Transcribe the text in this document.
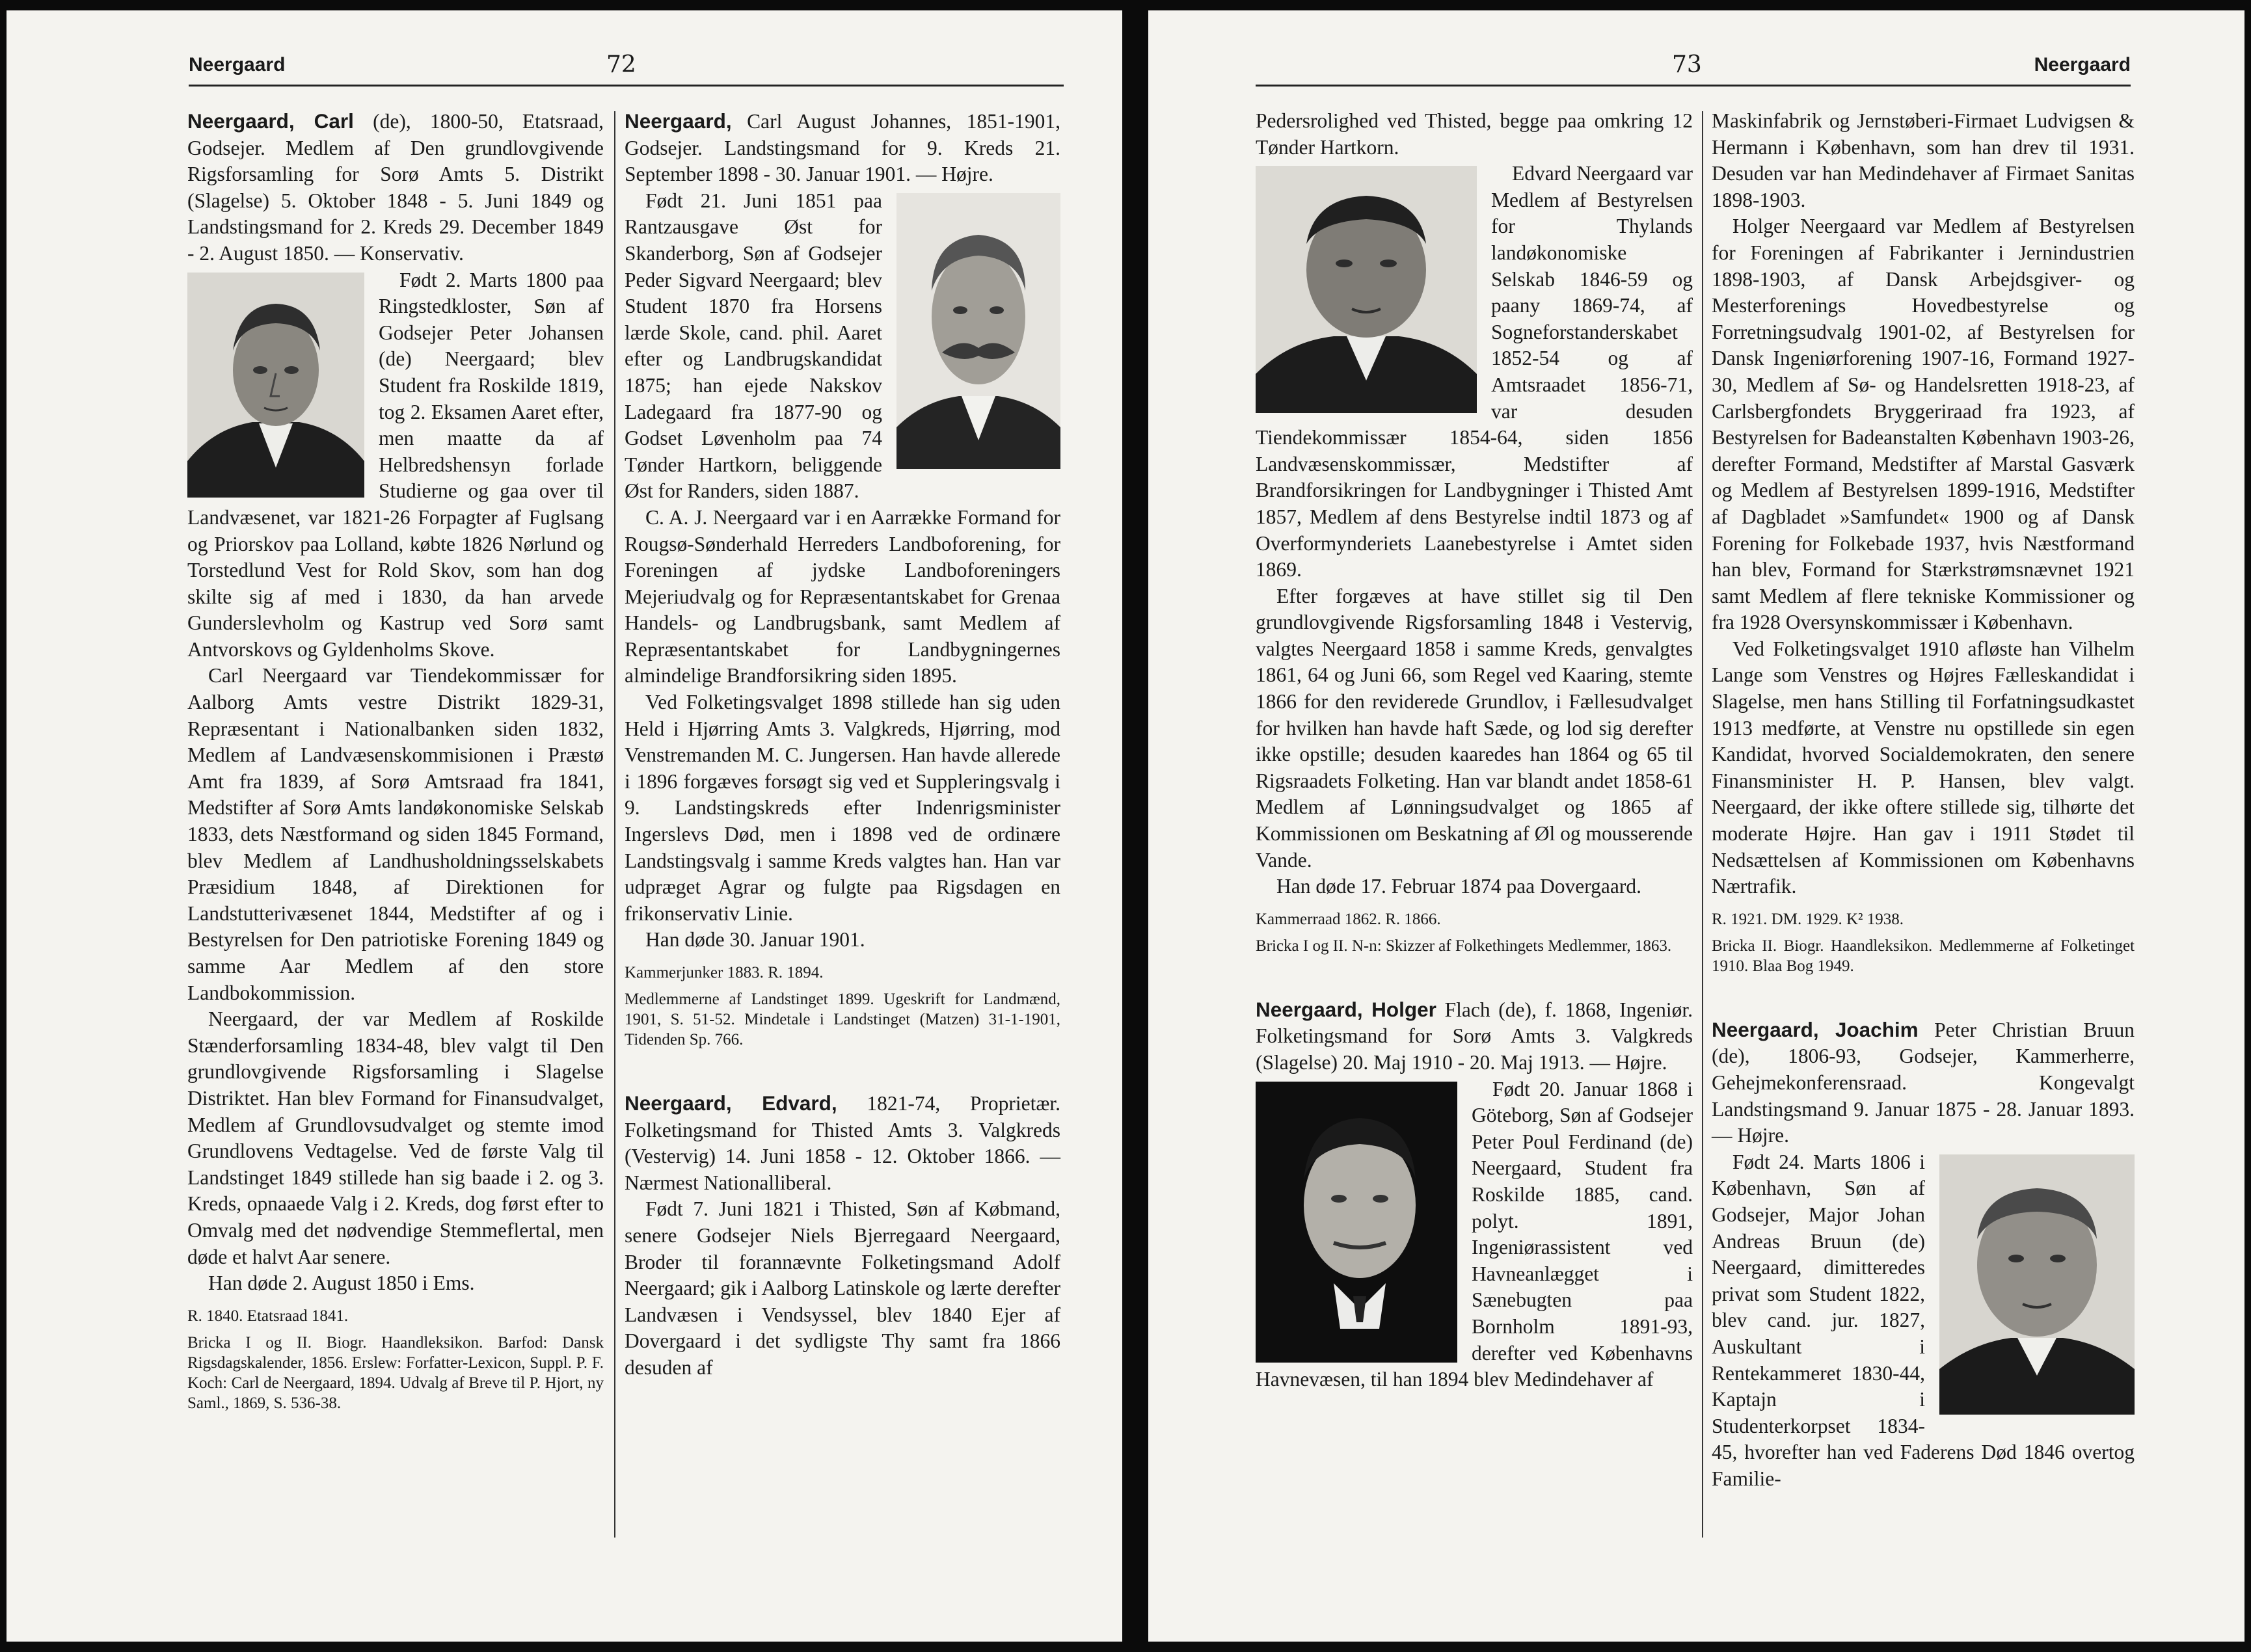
Neergaard	72

Neergaard, Carl (de), 1800-50, Etatsraad, Godsejer. Medlem af Den grundlovgivende Rigsforsamling for Sorø Amts 5. Distrikt (Slagelse) 5. Oktober 1848 - 5. Juni 1849 og Landstingsmand for 2. Kreds 29. December 1849 - 2. August 1850. — Konservativ.

Født 2. Marts 1800 paa Ringstedkloster, Søn af Godsejer Peter Johansen (de) Neergaard; blev Student fra Roskilde 1819, tog 2. Eksamen Aaret efter, men maatte da af Helbredshensyn forlade Studierne og gaa over til Landvæsenet, var 1821-26 Forpagter af Fuglsang og Priorskov paa Lolland, købte 1826 Nørlund og Torstedlund Vest for Rold Skov, som han dog skilte sig af med i 1830, da han arvede Gunderslevholm og Kastrup ved Sorø samt Antvorskovs og Gyldenholms Skove.

Carl Neergaard var Tiendekommissær for Aalborg Amts vestre Distrikt 1829-31, Repræsentant i Nationalbanken siden 1832, Medlem af Landvæsenskommisionen i Præstø Amt fra 1839, af Sorø Amtsraad fra 1841, Medstifter af Sorø Amts landøkonomiske Selskab 1833, dets Næstformand og siden 1845 Formand, blev Medlem af Landhusholdningsselskabets Præsidium 1848, af Direktionen for Landstutterivæsenet 1844, Medstifter af og i Bestyrelsen for Den patriotiske Forening 1849 og samme Aar Medlem af den store Landbokommission.

Neergaard, der var Medlem af Roskilde Stænderforsamling 1834-48, blev valgt til Den grundlovgivende Rigsforsamling i Slagelse Distriktet. Han blev Formand for Finansudvalget, Medlem af Grundlovsudvalget og stemte imod Grundlovens Vedtagelse. Ved de første Valg til Landstinget 1849 stillede han sig baade i 2. og 3. Kreds, opnaaede Valg i 2. Kreds, dog først efter to Omvalg med det nødvendige Stemmeflertal, men døde et halvt Aar senere.

Han døde 2. August 1850 i Ems.

R. 1840. Etatsraad 1841.

Bricka I og II. Biogr. Haandleksikon. Barfod: Dansk Rigsdagskalender, 1856. Erslew: Forfatter-Lexicon, Suppl. P. F. Koch: Carl de Neergaard, 1894. Udvalg af Breve til P. Hjort, ny Saml., 1869, S. 536-38.

Neergaard, Carl August Johannes, 1851-1901, Godsejer. Landstingsmand for 9. Kreds 21. September 1898 - 30. Januar 1901. — Højre.

Født 21. Juni 1851 paa Rantzausgave Øst for Skanderborg, Søn af Godsejer Peder Sigvard Neergaard; blev Student 1870 fra Horsens lærde Skole, cand. phil. Aaret efter og Landbrugskandidat 1875; han ejede Nakskov Ladegaard fra 1877-90 og Godset Løvenholm paa 74 Tønder Hartkorn, beliggende Øst for Randers, siden 1887.

C. A. J. Neergaard var i en Aarrække Formand for Rougsø-Sønderhald Herreders Landboforening, for Foreningen af jydske Landboforeningers Mejeriudvalg og for Repræsentantskabet for Grenaa Handels- og Landbrugsbank, samt Medlem af Repræsentantskabet for Landbygningernes almindelige Brandforsikring siden 1895.

Ved Folketingsvalget 1898 stillede han sig uden Held i Hjørring Amts 3. Valgkreds, Hjørring, mod Venstremanden M. C. Jungersen. Han havde allerede i 1896 forgæves forsøgt sig ved et Suppleringsvalg i 9. Landstingskreds efter Indenrigsminister Ingerslevs Død, men i 1898 ved de ordinære Landstingsvalg i samme Kreds valgtes han. Han var udpræget Agrar og fulgte paa Rigsdagen en frikonservativ Linie.

Han døde 30. Januar 1901.

Kammerjunker 1883. R. 1894.

Medlemmerne af Landstinget 1899. Ugeskrift for Landmænd, 1901, S. 51-52. Mindetale i Landstinget (Matzen) 31-1-1901, Tidenden Sp. 766.

Neergaard, Edvard, 1821-74, Proprietær. Folketingsmand for Thisted Amts 3. Valgkreds (Vestervig) 14. Juni 1858 - 12. Oktober 1866. — Nærmest Nationalliberal.

Født 7. Juni 1821 i Thisted, Søn af Købmand, senere Godsejer Niels Bjerregaard Neergaard, Broder til forannævnte Folketingsmand Adolf Neergaard; gik i Aalborg Latinskole og lærte derefter Landvæsen i Vendsyssel, blev 1840 Ejer af Dovergaard i det sydligste Thy samt fra 1866 desuden af

73	Neergaard

Pedersrolighed ved Thisted, begge paa omkring 12 Tønder Hartkorn.

Edvard Neergaard var Medlem af Bestyrelsen for Thylands landøkonomiske Selskab 1846-59 og paany 1869-74, af Sogneforstanderskabet 1852-54 og af Amtsraadet 1856-71, var desuden Tiendekommissær 1854-64, siden 1856 Landvæsenskommissær, Medstifter af Brandforsikringen for Landbygninger i Thisted Amt 1857, Medlem af dens Bestyrelse indtil 1873 og af Overformynderiets Laanebestyrelse i Amtet siden 1869.

Efter forgæves at have stillet sig til Den grundlovgivende Rigsforsamling 1848 i Vestervig, valgtes Neergaard 1858 i samme Kreds, genvalgtes 1861, 64 og Juni 66, som Regel ved Kaaring, stemte 1866 for den reviderede Grundlov, i Fællesudvalget for hvilken han havde haft Sæde, og lod sig derefter ikke opstille; desuden kaaredes han 1864 og 65 til Rigsraadets Folketing. Han var blandt andet 1858-61 Medlem af Lønningsudvalget og 1865 af Kommissionen om Beskatning af Øl og mousserende Vande.

Han døde 17. Februar 1874 paa Dovergaard.

Kammerraad 1862. R. 1866.

Bricka I og II. N-n: Skizzer af Folkethingets Medlemmer, 1863.

Neergaard, Holger Flach (de), f. 1868, Ingeniør. Folketingsmand for Sorø Amts 3. Valgkreds (Slagelse) 20. Maj 1910 - 20. Maj 1913. — Højre.

Født 20. Januar 1868 i Göteborg, Søn af Godsejer Peter Poul Ferdinand (de) Neergaard, Student fra Roskilde 1885, cand. polyt. 1891, Ingeniørassistent ved Havneanlægget i Sænebugten paa Bornholm 1891-93, derefter ved Københavns Havnevæsen, til han 1894 blev Medindehaver af

Maskinfabrik og Jernstøberi-Firmaet Ludvigsen & Hermann i København, som han drev til 1931. Desuden var han Medindehaver af Firmaet Sanitas 1898-1903.

Holger Neergaard var Medlem af Bestyrelsen for Foreningen af Fabrikanter i Jernindustrien 1898-1903, af Dansk Arbejdsgiver- og Mesterforenings Hovedbestyrelse og Forretningsudvalg 1901-02, af Bestyrelsen for Dansk Ingeniørforening 1907-16, Formand 1927-30, Medlem af Sø- og Handelsretten 1918-23, af Carlsbergfondets Bryggeriraad fra 1923, af Bestyrelsen for Badeanstalten København 1903-26, derefter Formand, Medstifter af Marstal Gasværk og Medlem af Bestyrelsen 1899-1916, Medstifter af Dagbladet »Samfundet« 1900 og af Dansk Forening for Folkebade 1937, hvis Næstformand han blev, Formand for Stærkstrømsnævnet 1921 samt Medlem af flere tekniske Kommissioner og fra 1928 Oversynskommissær i København.

Ved Folketingsvalget 1910 afløste han Vilhelm Lange som Venstres og Højres Fælleskandidat i Slagelse, men hans Stilling til Forfatningsudkastet 1913 medførte, at Venstre nu opstillede sin egen Kandidat, hvorved Socialdemokraten, den senere Finansminister H. P. Hansen, blev valgt. Neergaard, der ikke oftere stillede sig, tilhørte det moderate Højre. Han gav i 1911 Stødet til Nedsættelsen af Kommissionen om Københavns Nærtrafik.

R. 1921. DM. 1929. K² 1938.

Bricka II. Biogr. Haandleksikon. Medlemmerne af Folketinget 1910. Blaa Bog 1949.

Neergaard, Joachim Peter Christian Bruun (de), 1806-93, Godsejer, Kammerherre, Gehejmekonferensraad. Kongevalgt Landstingsmand 9. Januar 1875 - 28. Januar 1893. — Højre.

Født 24. Marts 1806 i København, Søn af Godsejer, Major Johan Andreas Bruun (de) Neergaard, dimitteredes privat som Student 1822, blev cand. jur. 1827, Auskultant i Rentekammeret 1830-44, Kaptajn i Studenterkorpset 1834-45, hvorefter han ved Faderens Død 1846 overtog Familie-
